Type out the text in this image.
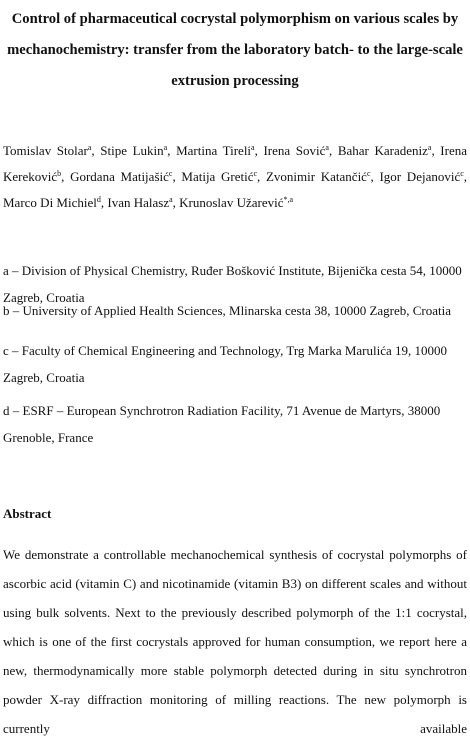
Control of pharmaceutical cocrystal polymorphism on various scales by mechanochemistry: transfer from the laboratory batch- to the large-scale extrusion processing
Tomislav Stolar$^a$, Stipe Lukin$^a$, Martina Tireli$^a$, Irena Sović$^a$, Bahar Karadeniz$^a$, Irena Kereković$^b$, Gordana Matijašić$^c$, Matija Gretić$^c$, Zvonimir Katančić$^c$, Igor Dejanović$^c$, Marco Di Michiel$^d$, Ivan Halasz$^a$, Krunoslav Užarević$^{*,a}$
a – Division of Physical Chemistry, Ruđer Bošković Institute, Bijenička cesta 54, 10000 Zagreb, Croatia
b – University of Applied Health Sciences, Mlinarska cesta 38, 10000 Zagreb, Croatia
c – Faculty of Chemical Engineering and Technology, Trg Marka Marulića 19, 10000 Zagreb, Croatia
d – ESRF – European Synchrotron Radiation Facility, 71 Avenue de Martyrs, 38000 Grenoble, France
Abstract
We demonstrate a controllable mechanochemical synthesis of cocrystal polymorphs of ascorbic acid (vitamin C) and nicotinamide (vitamin B3) on different scales and without using bulk solvents. Next to the previously described polymorph of the 1:1 cocrystal, which is one of the first cocrystals approved for human consumption, we report here a new, thermodynamically more stable polymorph detected during in situ synchrotron powder X-ray diffraction monitoring of milling reactions. The new polymorph is currently available
